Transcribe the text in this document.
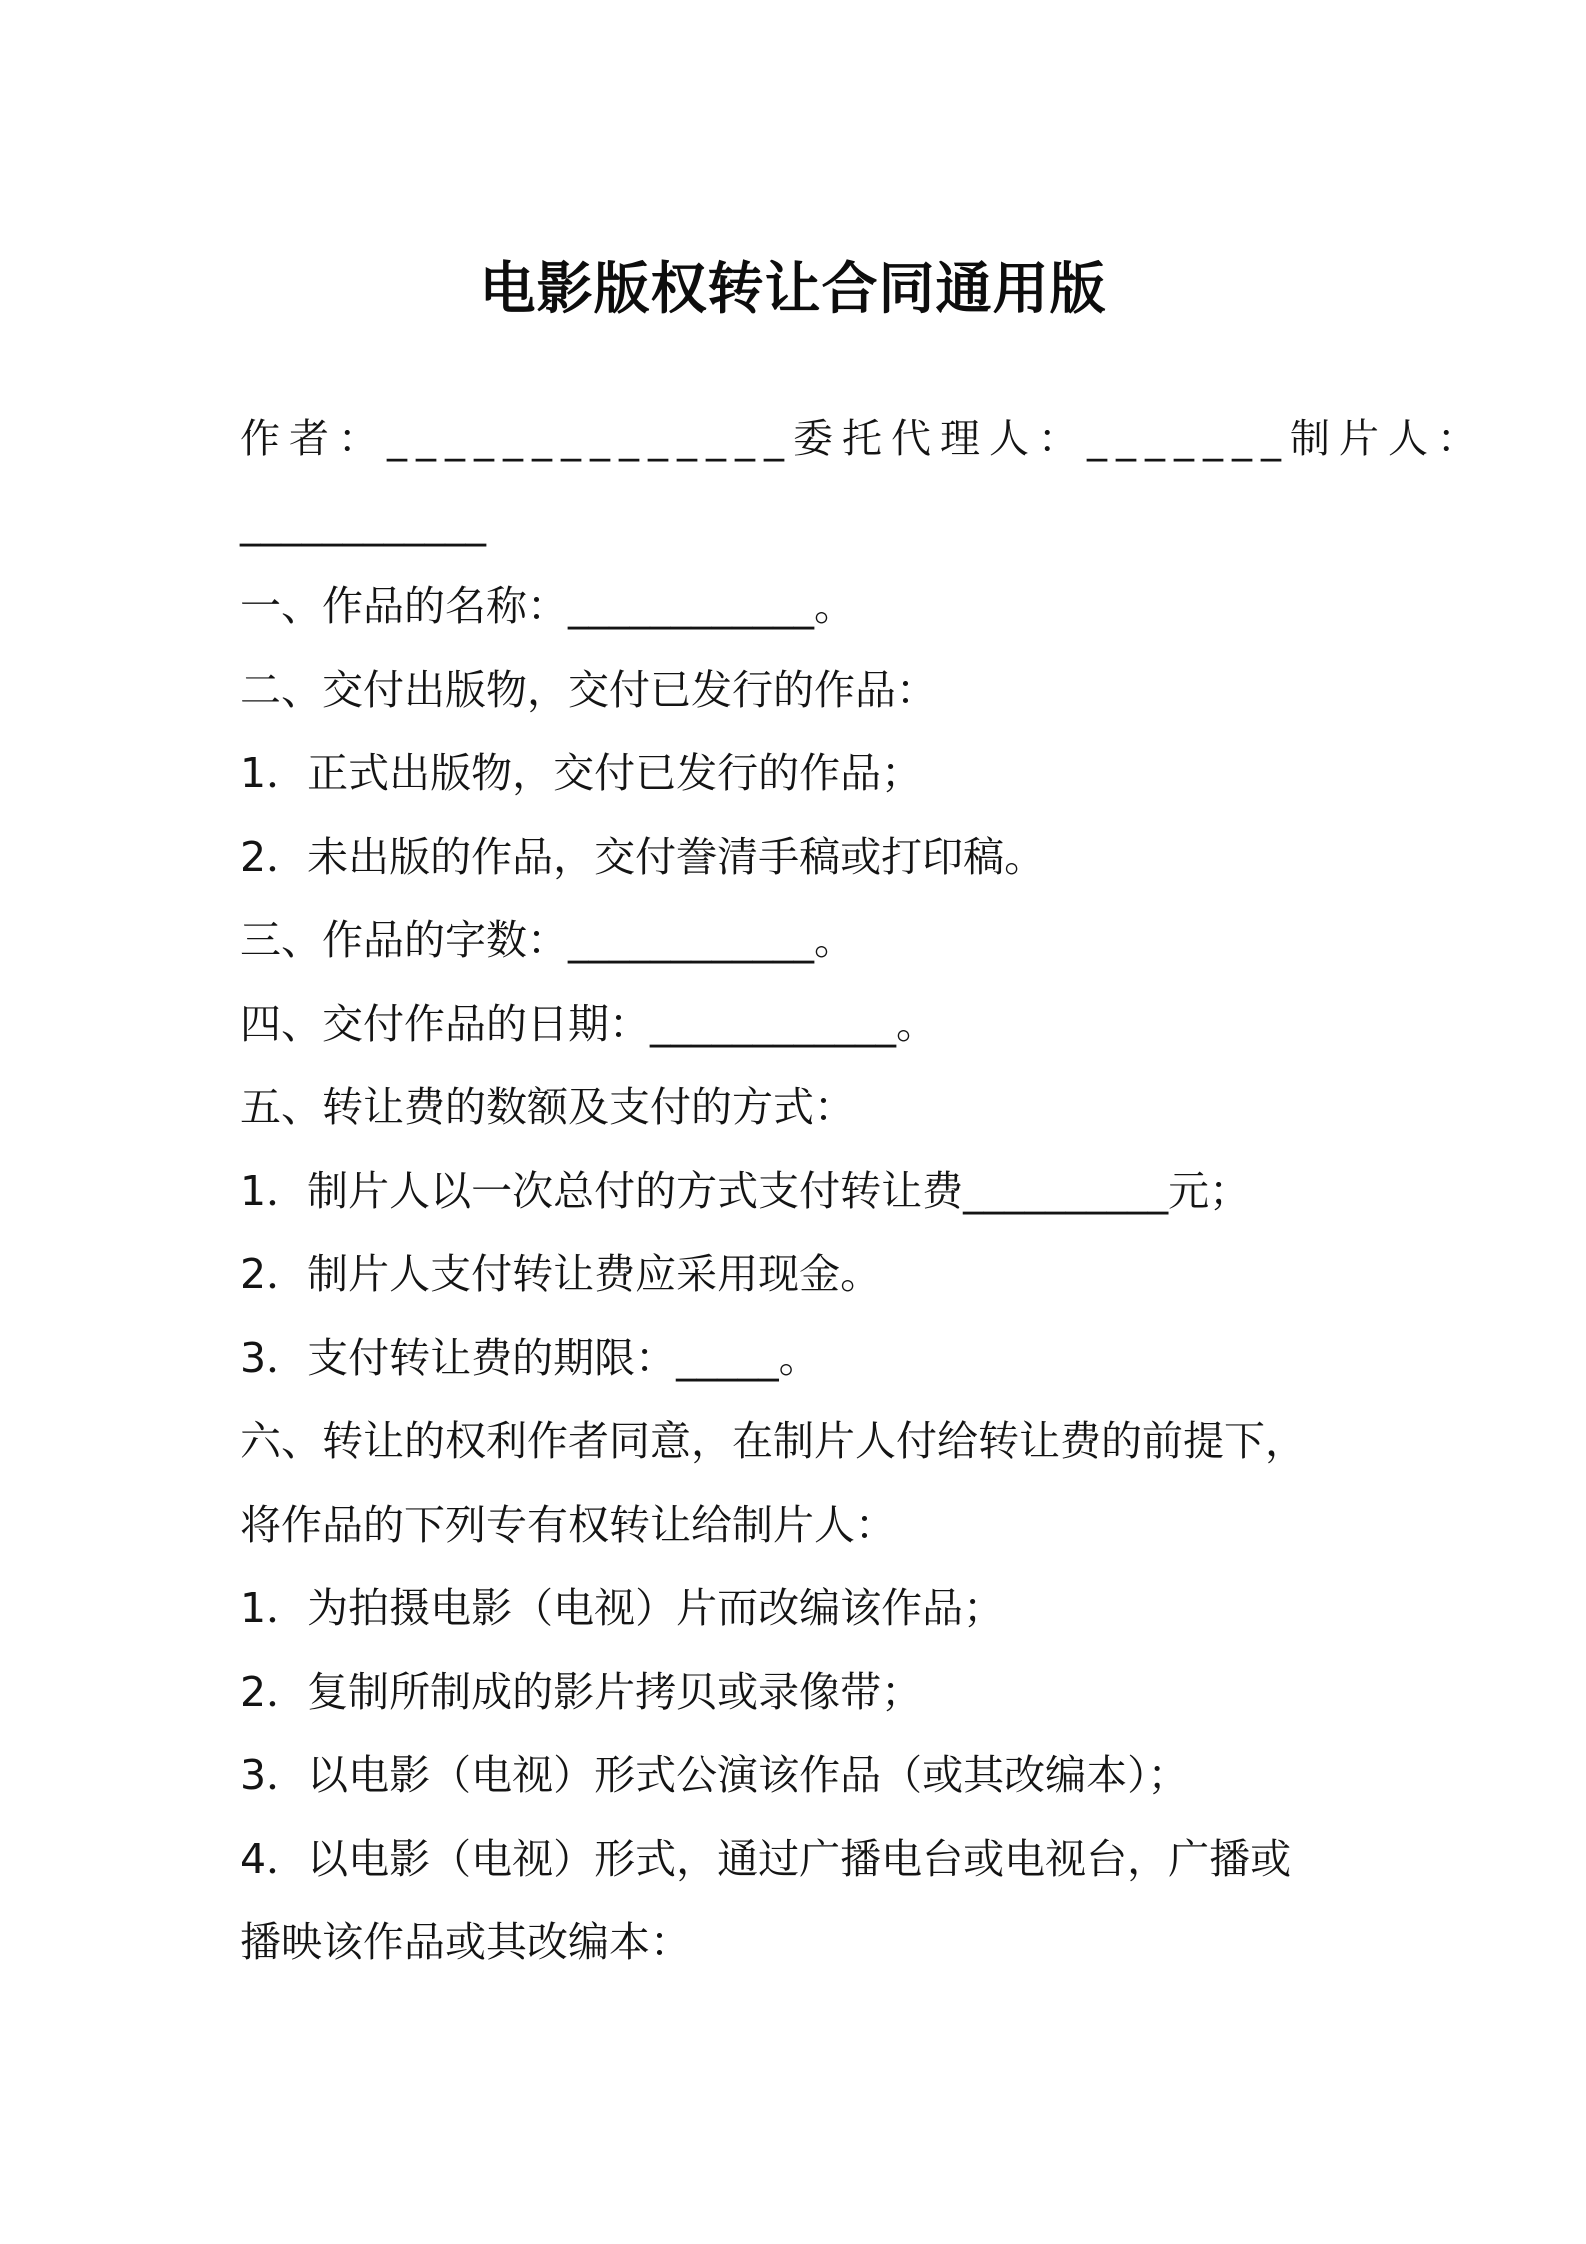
电影版权转让合同通用版
作者：______________委托代理人：_______制片人：
____________
一、作品的名称：____________。
二、交付出版物，交付已发行的作品：
1．正式出版物，交付已发行的作品；
2．未出版的作品，交付誊清手稿或打印稿。
三、作品的字数：____________。
四、交付作品的日期：____________。
五、转让费的数额及支付的方式：
1．制片人以一次总付的方式支付转让费__________元；
2．制片人支付转让费应采用现金。
3．支付转让费的期限：_____。
六、转让的权利作者同意，在制片人付给转让费的前提下，
将作品的下列专有权转让给制片人：
1．为拍摄电影（电视）片而改编该作品；
2．复制所制成的影片拷贝或录像带；
3．以电影（电视）形式公演该作品（或其改编本）；
4．以电影（电视）形式，通过广播电台或电视台，广播或
播映该作品或其改编本：
